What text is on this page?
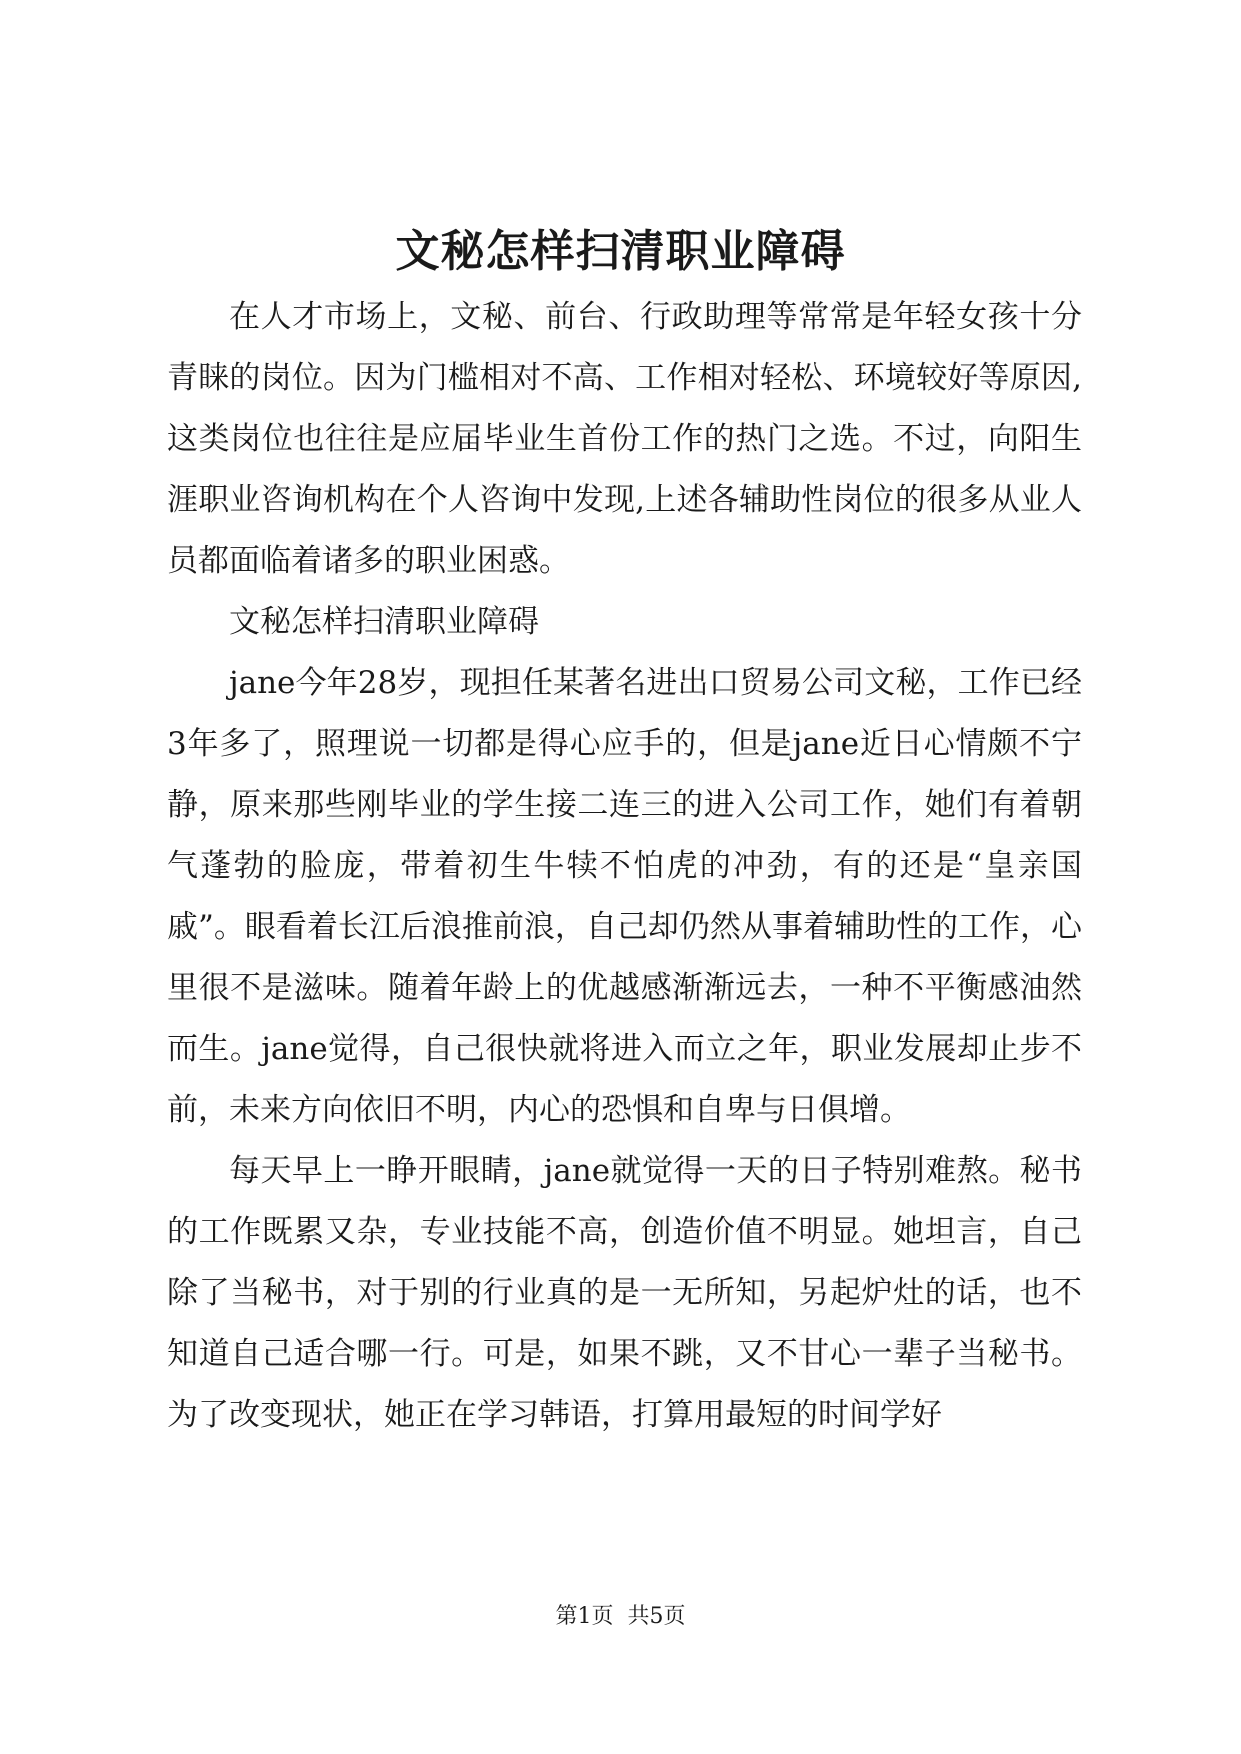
文秘怎样扫清职业障碍

在人才市场上，文秘、前台、行政助理等常常是年轻女孩十分青睐的岗位。因为门槛相对不高、工作相对轻松、环境较好等原因,这类岗位也往往是应届毕业生首份工作的热门之选。不过，向阳生涯职业咨询机构在个人咨询中发现,上述各辅助性岗位的很多从业人员都面临着诸多的职业困惑。

文秘怎样扫清职业障碍

jane今年28岁，现担任某著名进出口贸易公司文秘，工作已经3年多了，照理说一切都是得心应手的，但是jane近日心情颇不宁静，原来那些刚毕业的学生接二连三的进入公司工作，她们有着朝气蓬勃的脸庞，带着初生牛犊不怕虎的冲劲，有的还是“皇亲国戚”。眼看着长江后浪推前浪，自己却仍然从事着辅助性的工作，心里很不是滋味。随着年龄上的优越感渐渐远去，一种不平衡感油然而生。jane觉得，自己很快就将进入而立之年，职业发展却止步不前，未来方向依旧不明，内心的恐惧和自卑与日俱增。

每天早上一睁开眼睛，jane就觉得一天的日子特别难熬。秘书的工作既累又杂，专业技能不高，创造价值不明显。她坦言，自己除了当秘书，对于别的行业真的是一无所知，另起炉灶的话，也不知道自己适合哪一行。可是，如果不跳，又不甘心一辈子当秘书。为了改变现状，她正在学习韩语，打算用最短的时间学好

第1页 共5页
